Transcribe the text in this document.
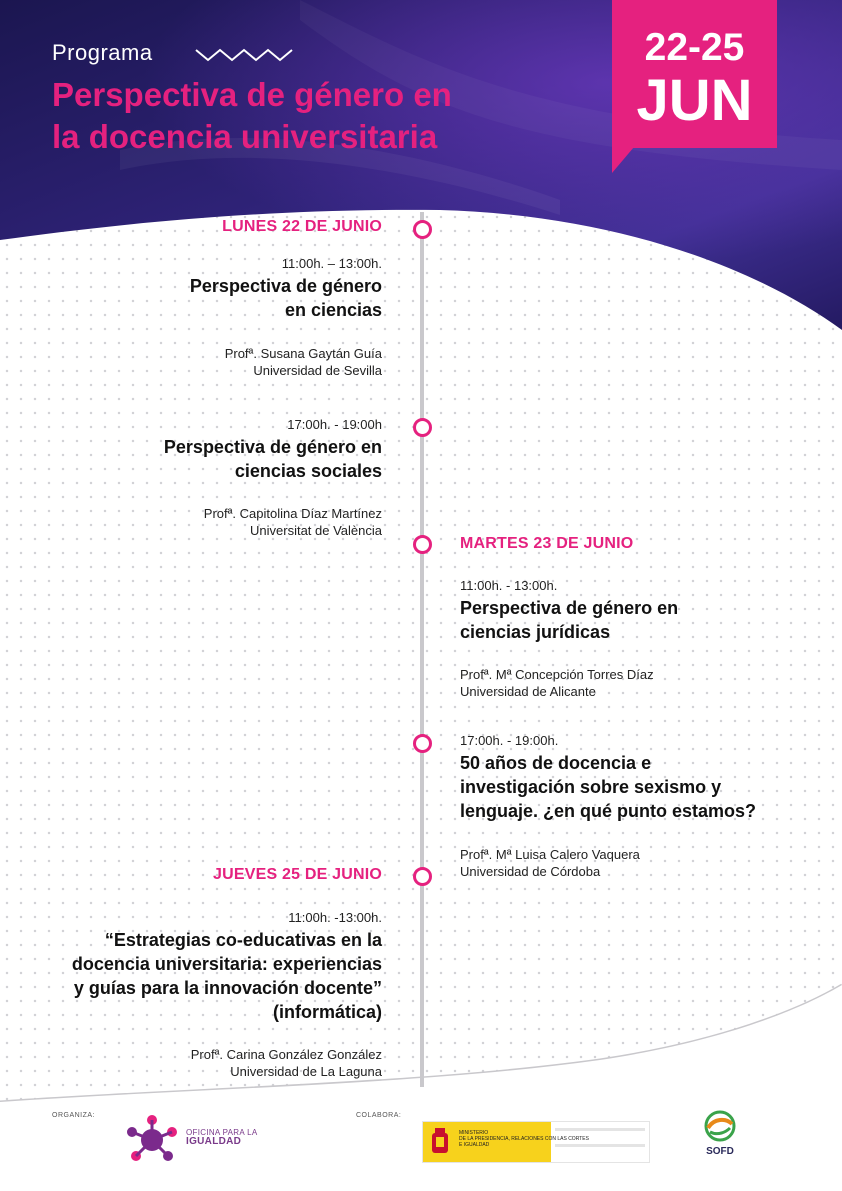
Programa
Perspectiva de género en
la docencia universitaria
22-25
JUN
LUNES 22 DE JUNIO
11:00h. – 13:00h.
Perspectiva de género
en ciencias
Profª. Susana Gaytán Guía
Universidad de Sevilla
17:00h. - 19:00h
Perspectiva de género en
ciencias sociales
Profª. Capitolina Díaz Martínez
Universitat de València
MARTES 23 DE JUNIO
11:00h. - 13:00h.
Perspectiva de género en
ciencias jurídicas
Profª. Mª Concepción Torres Díaz
Universidad de Alicante
17:00h. - 19:00h.
50 años de docencia e
investigación sobre sexismo y
lenguaje. ¿en qué punto estamos?
Profª. Mª Luisa Calero Vaquera
Universidad de Córdoba
JUEVES 25 DE JUNIO
11:00h. -13:00h.
“Estrategias co-educativas en la
docencia universitaria: experiencias
y guías para la innovación docente”
(informática)
Profª. Carina González González
Universidad de La Laguna
ORGANIZA:
OFICINA PARA LA
IGUALDAD
COLABORA:
MINISTERIO
DE LA PRESIDENCIA, RELACIONES CON LAS CORTES
E IGUALDAD
SOFD
